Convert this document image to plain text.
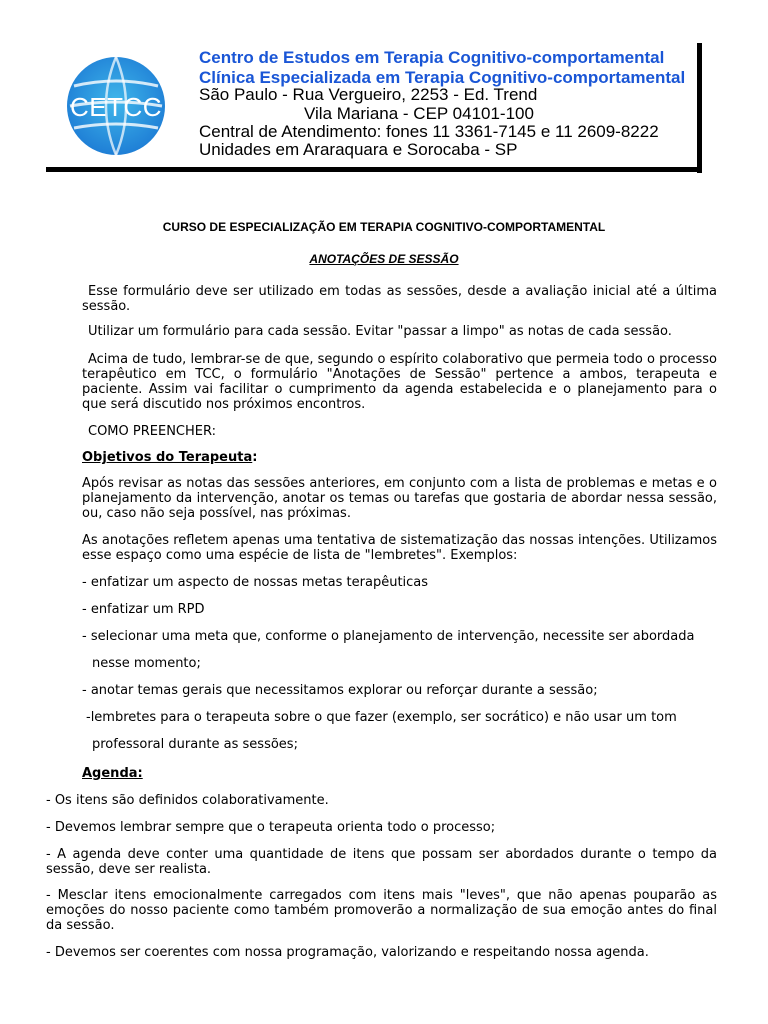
CETCC
Centro de Estudos em Terapia Cognitivo-comportamental
Clínica Especializada em Terapia Cognitivo-comportamental
São Paulo - Rua Vergueiro, 2253 - Ed. Trend
Vila Mariana - CEP 04101-100
Central de Atendimento: fones 11 3361-7145 e 11 2609-8222
Unidades em Araraquara e Sorocaba - SP
CURSO DE ESPECIALIZAÇÃO EM TERAPIA COGNITIVO-COMPORTAMENTAL
ANOTAÇÕES DE SESSÃO
Esse formulário deve ser utilizado em todas as sessões, desde a avaliação inicial até a última sessão.
Utilizar um formulário para cada sessão. Evitar "passar a limpo" as notas de cada sessão.
Acima de tudo, lembrar-se de que, segundo o espírito colaborativo que permeia todo o processo terapêutico em TCC, o formulário "Anotações de Sessão" pertence a ambos, terapeuta e paciente. Assim vai facilitar o cumprimento da agenda estabelecida e o planejamento para o que será discutido nos próximos encontros.
COMO PREENCHER:
Objetivos do Terapeuta:
Após revisar as notas das sessões anteriores, em conjunto com a lista de problemas e metas e o planejamento da intervenção, anotar os temas ou tarefas que gostaria de abordar nessa sessão, ou, caso não seja possível, nas próximas.
As anotações refletem apenas uma tentativa de sistematização das nossas intenções. Utilizamos esse espaço como uma espécie de lista de "lembretes". Exemplos:
- enfatizar um aspecto de nossas metas terapêuticas
- enfatizar um RPD
- selecionar uma meta que, conforme o planejamento de intervenção, necessite ser abordada
nesse momento;
- anotar temas gerais que necessitamos explorar ou reforçar durante a sessão;
-lembretes para o terapeuta sobre o que fazer (exemplo, ser socrático) e não usar um tom
professoral durante as sessões;
Agenda:
- Os itens são definidos colaborativamente.
- Devemos lembrar sempre que o terapeuta orienta todo o processo;
- A agenda deve conter uma quantidade de itens que possam ser abordados durante o tempo da sessão, deve ser realista.
- Mesclar itens emocionalmente carregados com itens mais "leves", que não apenas pouparão as emoções do nosso paciente como também promoverão a normalização de sua emoção antes do final da sessão.
- Devemos ser coerentes com nossa programação, valorizando e respeitando nossa agenda.
